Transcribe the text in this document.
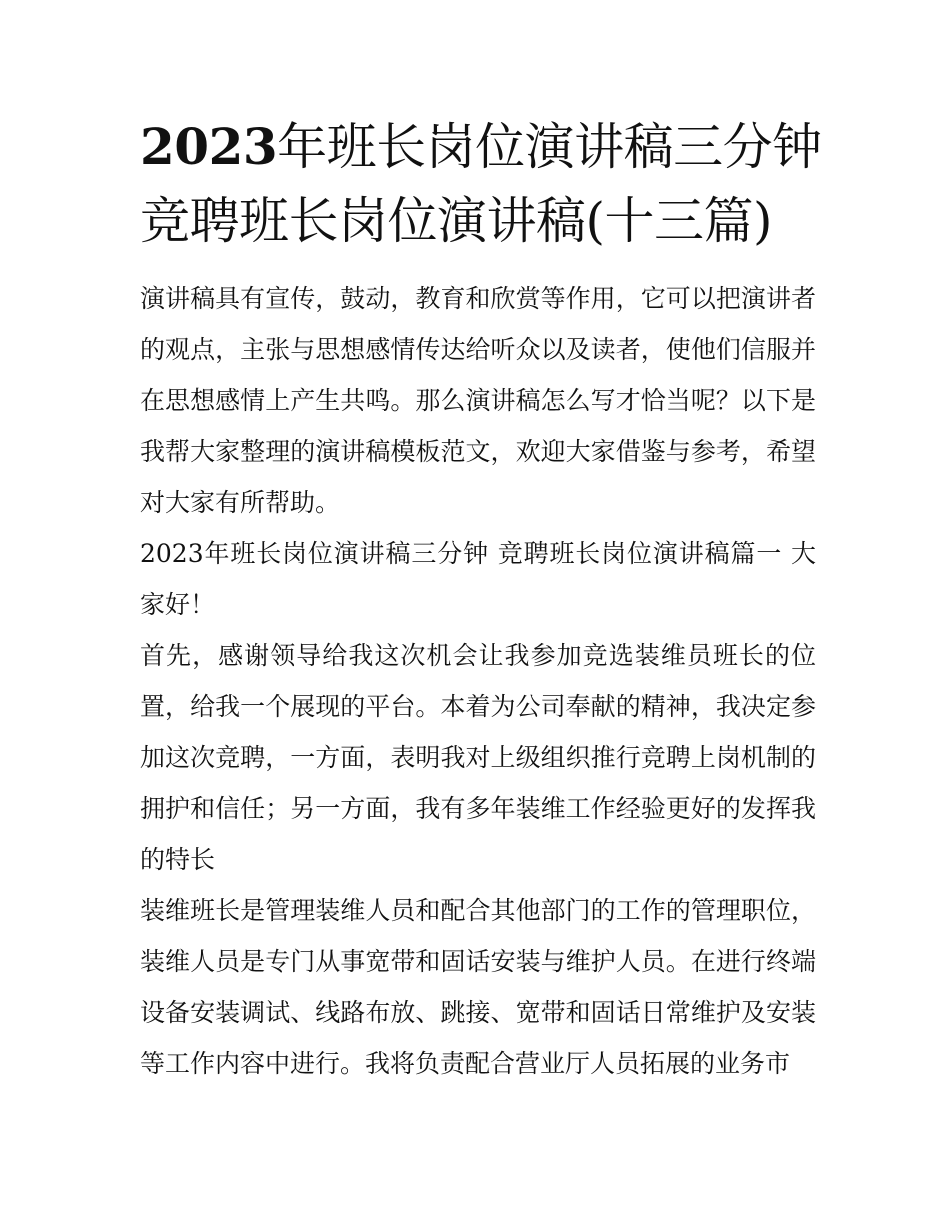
2023年班长岗位演讲稿三分钟
竞聘班长岗位演讲稿(十三篇)

演讲稿具有宣传，鼓动，教育和欣赏等作用，它可以把演讲者的观点，主张与思想感情传达给听众以及读者，使他们信服并在思想感情上产生共鸣。那么演讲稿怎么写才恰当呢？以下是我帮大家整理的演讲稿模板范文，欢迎大家借鉴与参考，希望对大家有所帮助。

2023年班长岗位演讲稿三分钟 竞聘班长岗位演讲稿篇一 大家好！

首先，感谢领导给我这次机会让我参加竞选装维员班长的位置，给我一个展现的平台。本着为公司奉献的精神，我决定参加这次竞聘，一方面，表明我对上级组织推行竞聘上岗机制的拥护和信任；另一方面，我有多年装维工作经验更好的发挥我的特长

装维班长是管理装维人员和配合其他部门的工作的管理职位，装维人员是专门从事宽带和固话安装与维护人员。在进行终端设备安装调试、线路布放、跳接、宽带和固话日常维护及安装等工作内容中进行。我将负责配合营业厅人员拓展的业务市
